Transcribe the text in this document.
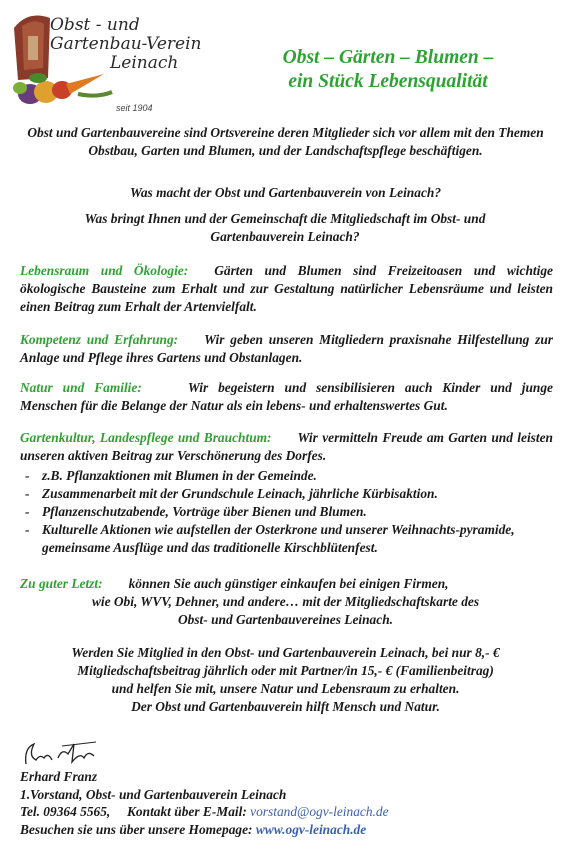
Obst - und
Gartenbau-Verein
Leinach
seit 1904
Obst – Gärten – Blumen –
ein Stück Lebensqualität
Obst und Gartenbauvereine sind Ortsvereine deren Mitglieder sich vor allem mit den Themen Obstbau, Garten und Blumen, und der Landschaftspflege beschäftigen.
Was macht der Obst und Gartenbauverein von Leinach?
Was bringt Ihnen und der Gemeinschaft die Mitgliedschaft im Obst- und Gartenbauverein Leinach?
Lebensraum und Ökologie: Gärten und Blumen sind Freizeitoasen und wichtige ökologische Bausteine zum Erhalt und zur Gestaltung natürlicher Lebensräume und leisten einen Beitrag zum Erhalt der Artenvielfalt.
Kompetenz und Erfahrung: Wir geben unseren Mitgliedern praxisnahe Hilfestellung zur Anlage und Pflege ihres Gartens und Obstanlagen.
Natur und Familie:	Wir begeistern und sensibilisieren auch Kinder und junge Menschen für die Belange der Natur als ein lebens- und erhaltenswertes Gut.
Gartenkultur, Landespflege und Brauchtum: Wir vermitteln Freude am Garten und leisten unseren aktiven Beitrag zur Verschönerung des Dorfes.
- z.B. Pflanzaktionen mit Blumen in der Gemeinde.
- Zusammenarbeit mit der Grundschule Leinach, jährliche Kürbisaktion.
- Pflanzenschutzabende, Vorträge über Bienen und Blumen.
- Kulturelle Aktionen wie aufstellen der Osterkrone und unserer Weihnachts-pyramide, gemeinsame Ausflüge und das traditionelle Kirschblütenfest.
Zu guter Letzt: können Sie auch günstiger einkaufen bei einigen Firmen,
wie Obi, WVV, Dehner, und andere… mit der Mitgliedschaftskarte des
Obst- und Gartenbauvereines Leinach.
Werden Sie Mitglied in den Obst- und Gartenbauverein Leinach, bei nur 8,- €
Mitgliedschaftsbeitrag jährlich oder mit Partner/in 15,- € (Familienbeitrag)
und helfen Sie mit, unsere Natur und Lebensraum zu erhalten.
Der Obst und Gartenbauverein hilft Mensch und Natur.
Erhard Franz
1.Vorstand, Obst- und Gartenbauverein Leinach
Tel. 09364 5565,     Kontakt über E-Mail: vorstand@ogv-leinach.de
Besuchen sie uns über unsere Homepage: www.ogv-leinach.de
